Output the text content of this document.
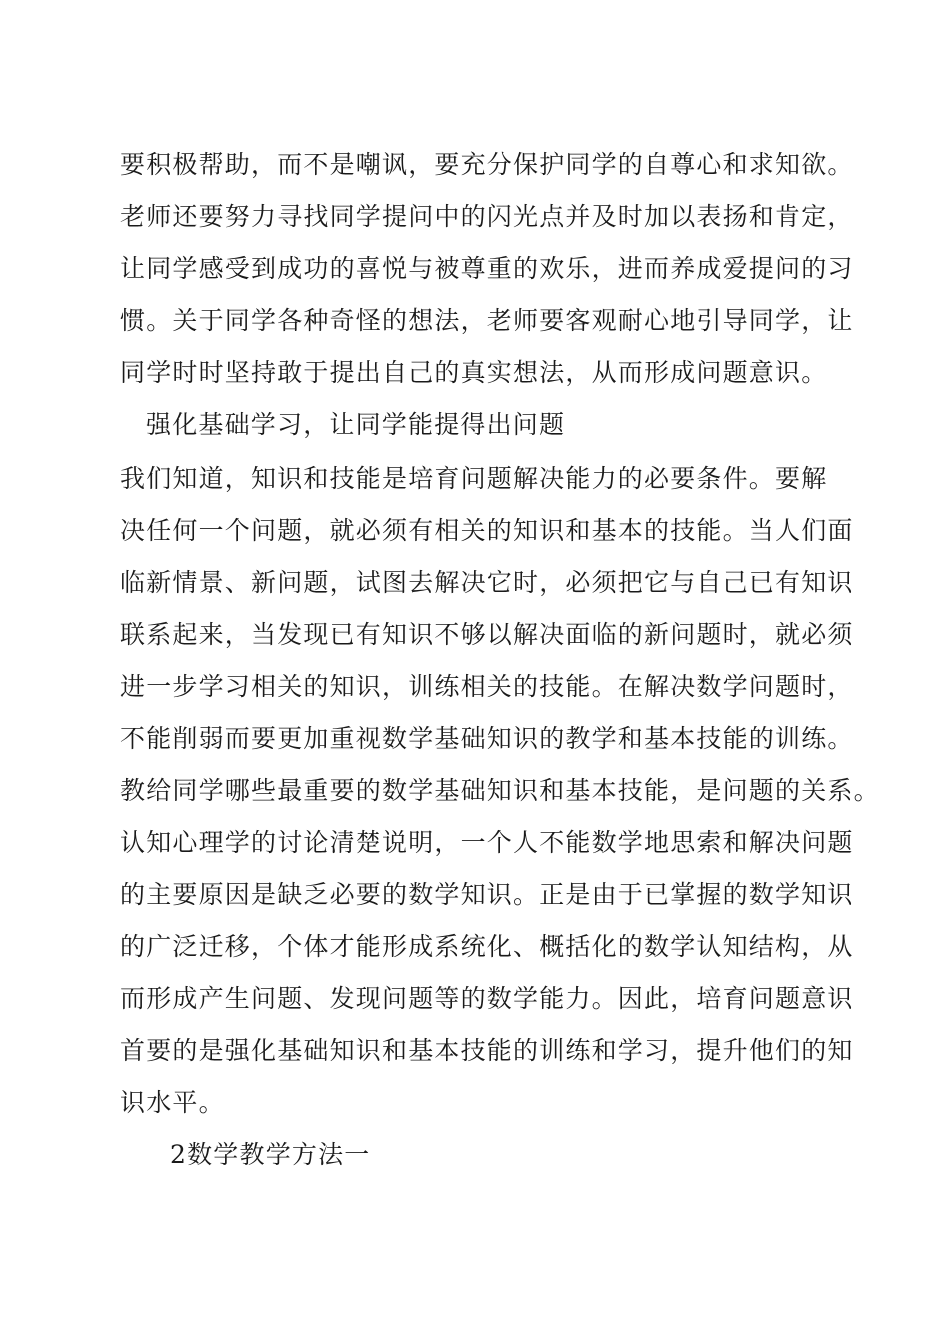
要积极帮助，而不是嘲讽，要充分保护同学的自尊心和求知欲。
老师还要努力寻找同学提问中的闪光点并及时加以表扬和肯定，
让同学感受到成功的喜悦与被尊重的欢乐，进而养成爱提问的习
惯。关于同学各种奇怪的想法，老师要客观耐心地引导同学，让
同学时时坚持敢于提出自己的真实想法，从而形成问题意识。
强化基础学习，让同学能提得出问题
我们知道，知识和技能是培育问题解决能力的必要条件。要解
决任何一个问题，就必须有相关的知识和基本的技能。当人们面
临新情景、新问题，试图去解决它时，必须把它与自己已有知识
联系起来，当发现已有知识不够以解决面临的新问题时，就必须
进一步学习相关的知识，训练相关的技能。在解决数学问题时，
不能削弱而要更加重视数学基础知识的教学和基本技能的训练。
教给同学哪些最重要的数学基础知识和基本技能，是问题的关系。
认知心理学的讨论清楚说明，一个人不能数学地思索和解决问题
的主要原因是缺乏必要的数学知识。正是由于已掌握的数学知识
的广泛迁移，个体才能形成系统化、概括化的数学认知结构，从
而形成产生问题、发现问题等的数学能力。因此，培育问题意识
首要的是强化基础知识和基本技能的训练和学习，提升他们的知
识水平。
2数学教学方法一
